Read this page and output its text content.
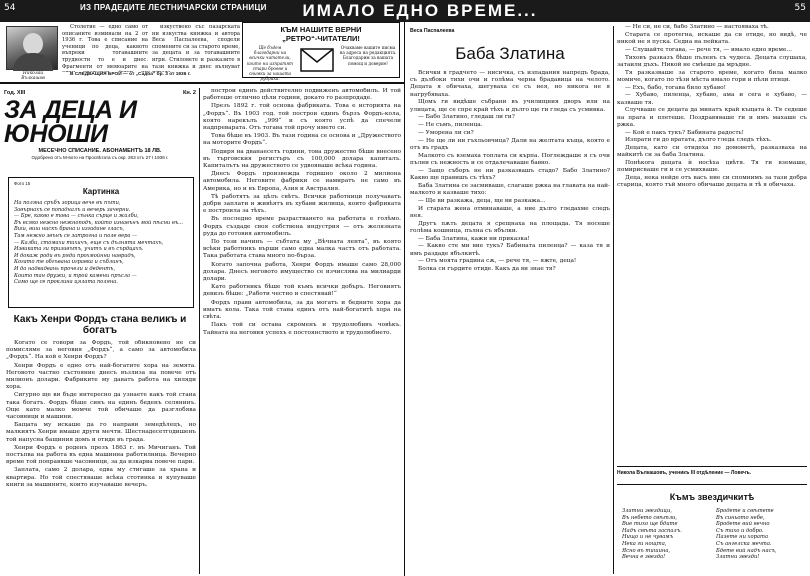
54	ИЗ ПРАДЕДИТЕ ЛЕСТНИЧАРСКИ СТРАНИЦИ ИМАЛО ЕДНО ВРЕМЕ...	55
Николай
Вълкашов

Столетие — едно само от описаните изминали на 2 от 1936 г. Това е списание на ученици по деца, каквото въпреки тогавашните трудности то е и днес. Фрагменти от мемоарите на

изкуствено със пазарската ни изкуства книжка и автора Веса Паспалеева, сподели споменитe си за старото време, за децата и за тогавашните игри. Стиловете и разказите в тази книжка и днес вълнуват

В СЛЕДВАЩИЯ БРОЙ — от „Садба“ бр. 3 от 1936 г.
КЪМ НАШИТЕ ВЕРНИ
„РЕТРО“-ЧИТАТЕЛИ!
Ще бъдем благодарни на всички читатели, които ни изпратят стари броеве и снимки за нашата рубрика.
Очакваме вашите писма на адреса на редакцията. Благодарим за вашата помощ и доверие!
Год. XIII	Кн. 2
ЗА ДЕЦА И ЮНОШИ
МЕСЕЧНО СПИСАНИЕ. АБОНАМЕНТЪ 18 ЛВ.
Одобрено отъ М-вото на Просвѣтата съ окр. 263 отъ 27 I 1936 г.
Фото 15
Картинка
На поляна сръбъ зорица вече въ пъти,
Завърнахъ се попадналъ и вечерь зачерни.
— Бре, какво е това — сѣнка сърце и жалби,
Въ всяко нежно нежноподъ, който изнавънъ мой пѣсни въ...
Виш, виш нискъ брана и изгадане гласъ,
Там нежно звънъ се затрогна и поле вера —
— Калби, стомахи тихичъ, еще съ дълнята мечтахъ,
Извиката ги призивътъ, учитъ и въ сърдцахъ.
И докаж роди въ ряди прохмойнни наврадъ,
Когато те обгъвана игравка и съблинъ,
И да надвадвань прочели и дедентъ,
Които тан дружи, и трой камени пръсла —
Само ще се проклина цялата поляна.
Какъ Хенри Фордъ стана великъ и богатъ

Когато се говори за Фордъ, той обикновено не си помисляме за неговия „Фордъ“, а само за автомобила „Фордъ“. На кой е Хенри Фордъ?

Хенри Фордъ е едно отъ най-богатите хора на земята. Неговото частно състояние днесъ възлиза на повече отъ милионъ долари. Фабриките му даватъ работа на хиляди хора.

Сигурно ще ви бъде интересно да узнаете какъ той стана така богатъ. Фордъ бѣше синъ на единъ беденъ селянинъ. Още като малко момче той обичаше да разглобява часовници и машини.

Бащата му искаше да го направи земедѣлецъ, но малкиятъ Хенри имаше други мечти. Шестнадесетгодишенъ той напусна бащиния домъ и отиде въ града.

Хенри Фордъ е роденъ презъ 1863 г. въ Мичиганъ. Той постъпва на работа въ една машинна работилница. Вечерно време той поправяше часовници, за да изкарва повече пари.

Заплата, само 2 долара, едва му стигаше за храна и квартира. Но той спестяваше всѣка стотинка и купуваше книги за машините, които изучаваше вечеръ.

построи единъ действително подвиженъ автомобилъ. И той работеше отлично цѣли години, докато го разпродаде.

Презъ 1892 г. той основа фабриката. Това е историята на „Фордъ“. Въ 1903 год. той построи единъ бързъ Фордъ-кола, която нарекълъ „999“ и съ която успѣ да спечели надпреварата. Отъ тогава той прочу името си.

Това бѣше въ 1903. Въ тази година се основа и „Дружеството на моторите Фордъ“.

Подиря на дванаесетъ години, това дружество бѣше внесено въ търговския регистъръ съ 100,000 долара капиталъ. Капиталътъ на дружеството се удвояваше всѣка година.

Днесъ Фордъ произвежда годишно около 2 милиона автомобила. Неговите фабрики се намиратъ не само въ Америка, но и въ Европа, Азия и Австралия.

Тѣ работятъ за цѣлъ свѣтъ. Всички работници получаватъ добри заплати и живѣятъ въ хубави жилища, които фабриката е построила за тѣхъ.

Въ последно време разрастването на работата е голѣмо. Фордъ създаде своя собствена индустрия — отъ желязната руда до готовия автомобилъ.

По този начинъ — събтата му „Вѣчната лента“, въ която всѣки работникъ върши само една малка частъ отъ работата. Така работата става много по-бърза.

Когато започна работа, Хенри Фордъ имаше само 28,000 долара. Днесъ неговото имущество се изчислява на милиарди долари.

Като работникъ бѣше той къмъ всички добъръ. Неговиятъ девизъ бѣше: „Работи честно и спестявай!“

Фордъ прави автомобила, за да могатъ и бедните хора да иматъ кола. Така той стана единъ отъ най-богатитѣ хора на свѣта.

Пакъ той си остава скроменъ и трудолюбивъ човѣкъ. Тайната на неговия успехъ е постоянството и трудолюбието.

Веса Паспалеева
Баба Златина

Всички в градчето — нисичка, съ изпадания напредъ брада, съ дълбоки тихи очи и голѣма черна брадавица на челото. Децата я обичаха, шегуваха се съ нея, но никога не я нагрубяваха.

Щомъ ги видѣше събрани въ училищния дворъ или на улицата, ще се спре край тѣхъ и дълго ще ги гледа съ усмивка.

— Бабо Златино, гледаш ли ги?

— Не съмъ, пиленца.

— Уморена ли си?

— Не ще ли ни гъхльовчица? Дали на желтата къща, която е отъ въ градъ

Малкото съ вземаха топлата си кърпа. Поглеждаше я съ очи пълни съ нежность и се отдалечаваше бавно.

— Защо съборъ не ни разказвашъ стадо? Бабо Златино? Какво ще правишъ съ тѣхъ?

Баба Златина се засмиваше, слагаше ржка на главата на най-малкото и казваше тихо:

— Ще ви разкажа, деца, ще ви разкажа...

И старата жена отминаваше, а ние дълго гледахме следъ нея.

Другъ пѫть децата я срещнаха на площада. Тя носеше голѣма кошница, пълна съ ябълки.

— Баба Златина, кажи ни приказка!

— Какво сте ми вие тукъ? Бабината пиленца? — каза тя и имъ раздаде ябълкитѣ.

— Отъ моята градина сѫ, — рече тя, — яжте, деца!

Болка си гърдите отиде. Какъ да ви знае тя?

— Не си, не си, бабо Златино — настояваха тѣ.

Старата се протегна, искаше да си отиде, но видѣ, че никой не я пуска. Седна на пейката.

— Слушайте тогава, — рече тя, — имало едно време...

Тиховъ разказъ бѣше пъленъ съ чудеса. Децата слушаха, затаили дъхъ. Никой не смѣеше да мръдне.

Тя разказваше за старото време, когато била малко момиче, когато по тѣзи мѣста имало гори и пѣли птици.

— Ехъ, бабо, тогава било хубаво!

— Хубаво, пиленца, хубаво, ама и сега е хубаво, — казваше тя.

Случваше се децата да минатъ край къщата ѝ. Тя седеше на прага и плетеше. Поздравяваше ги и имъ махаше съ ржка.

— Кой е пакъ тукъ? Бабината радость!

Изпрати ги до вратата, дълго гледа следъ тѣхъ.

Децата, като си отидеха по домоветѣ, разказваха на майкитѣ си за баба Златина.

Понѣкога децата ѝ носѣха цвѣтя. Тя ги вземаше, помирисваше ги и се усмихваше.

Деца, нека нейде отъ васъ ние си спомнимъ за тази добра старица, която тъй много обичаше децата и тѣ я обичаха.

Никола Вълкашовъ, ученикъ III отдѣление — Ловечъ.
Къмъ звездичкитѣ
Златни звездици,
Въ небето свѣтли,
Вие тихо ще бдите
Надъ свѣта заспалъ.
Нищо и не чувамъ
Нека ги нощта,
Ясно въ тишина,
Вечна е звезда!
Бродете и свѣтете
Въ синьото небе,
Бродете вий вечно
Съ тихо и добро.
Пазете ни хората
Съ ангелска мечта.
Бдете вий надъ насъ,
Златни звезди!
